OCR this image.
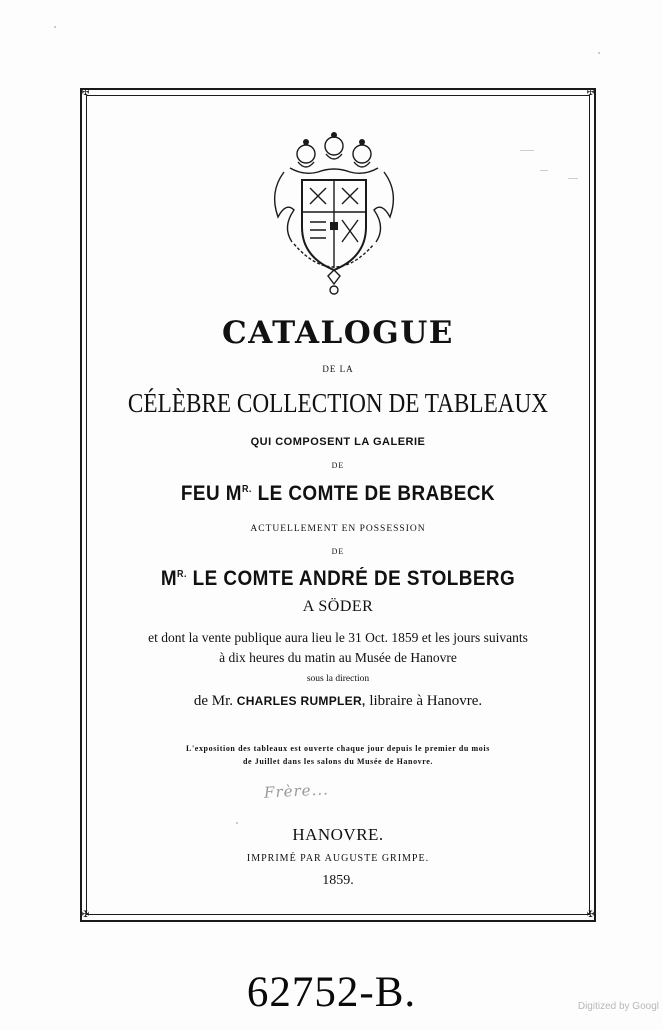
✠	✠
✠	✠
CATALOGUE
DE LA
CÉLÈBRE COLLECTION DE TABLEAUX
QUI COMPOSENT LA GALERIE
DE
FEU $M^{R.}$ LE COMTE DE BRABECK
ACTUELLEMENT EN POSSESSION
DE
$M^{R.}$ LE COMTE ANDRÉ DE STOLBERG
A SÖDER
et dont la vente publique aura lieu le 31 Oct. 1859 et les jours suivants
à dix heures du matin au Musée de Hanovre
sous la direction
de Mr. CHARLES RUMPLER, libraire à Hanovre.
L'exposition des tableaux est ouverte chaque jour depuis le premier du mois
de Juillet dans les salons du Musée de Hanovre.
Frère...
HANOVRE.
IMPRIMÉ PAR AUGUSTE GRIMPE.
1859.
62752-B.	Digitized by Googl
